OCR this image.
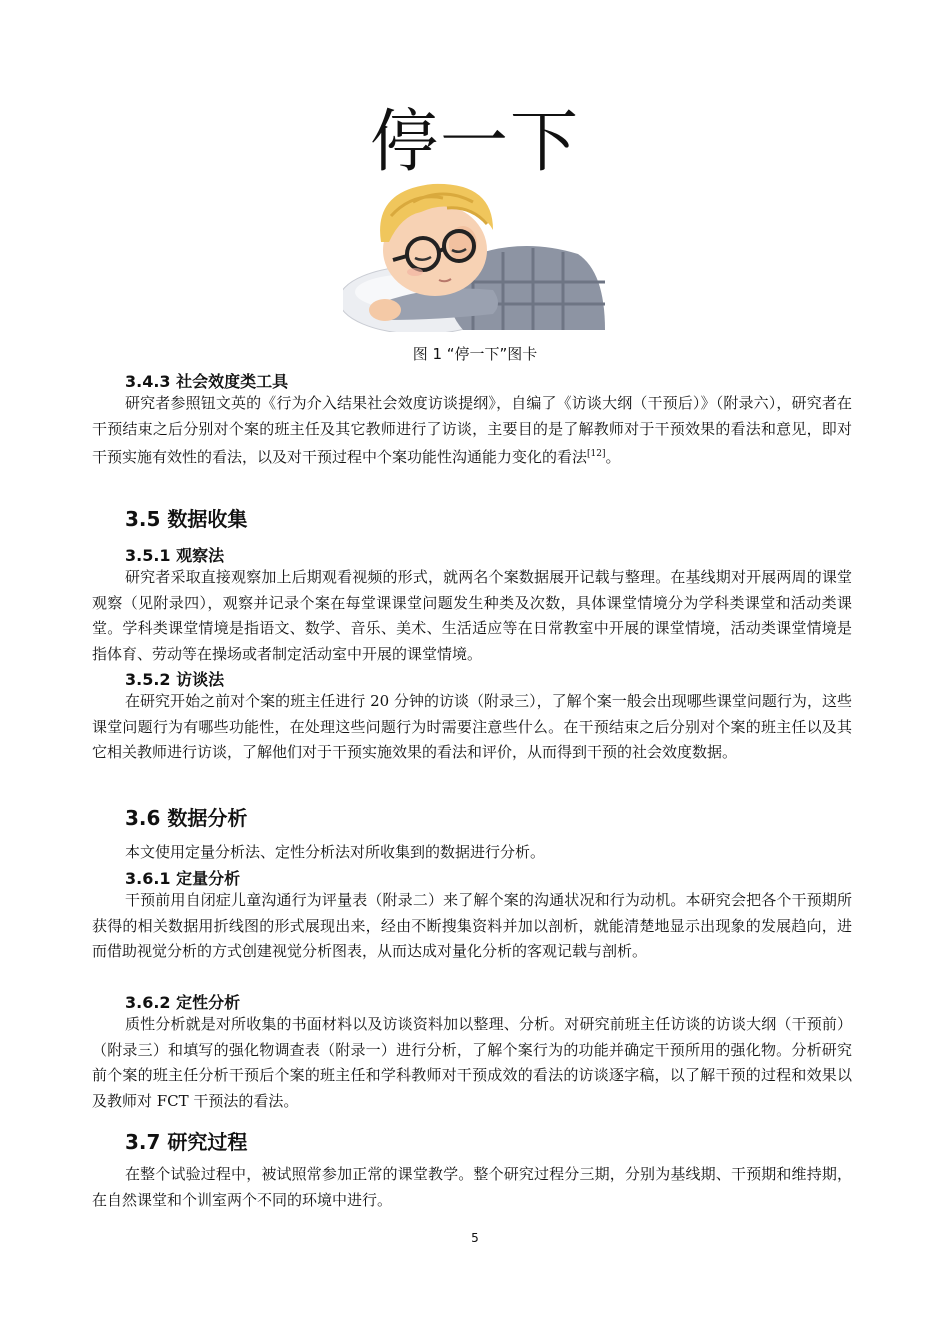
停一下
图 1 “停一下”图卡
3.4.3 社会效度类工具

研究者参照钮文英的《行为介入结果社会效度访谈提纲》，自编了《访谈大纲（干预后）》（附录六），研究者在干预结束之后分别对个案的班主任及其它教师进行了访谈，主要目的是了解教师对于干预效果的看法和意见，即对干预实施有效性的看法，以及对干预过程中个案功能性沟通能力变化的看法[12]。

3.5 数据收集
3.5.1 观察法

研究者采取直接观察加上后期观看视频的形式，就两名个案数据展开记载与整理。在基线期对开展两周的课堂观察（见附录四），观察并记录个案在每堂课课堂问题发生种类及次数，具体课堂情境分为学科类课堂和活动类课堂。学科类课堂情境是指语文、数学、音乐、美术、生活适应等在日常教室中开展的课堂情境，活动类课堂情境是指体育、劳动等在操场或者制定活动室中开展的课堂情境。

3.5.2 访谈法

在研究开始之前对个案的班主任进行 20 分钟的访谈（附录三），了解个案一般会出现哪些课堂问题行为，这些课堂问题行为有哪些功能性，在处理这些问题行为时需要注意些什么。在干预结束之后分别对个案的班主任以及其它相关教师进行访谈，了解他们对于干预实施效果的看法和评价，从而得到干预的社会效度数据。

3.6 数据分析

本文使用定量分析法、定性分析法对所收集到的数据进行分析。

3.6.1 定量分析

干预前用自闭症儿童沟通行为评量表（附录二）来了解个案的沟通状况和行为动机。本研究会把各个干预期所获得的相关数据用折线图的形式展现出来，经由不断搜集资料并加以剖析，就能清楚地显示出现象的发展趋向，进而借助视觉分析的方式创建视觉分析图表，从而达成对量化分析的客观记载与剖析。

3.6.2 定性分析

质性分析就是对所收集的书面材料以及访谈资料加以整理、分析。对研究前班主任访谈的访谈大纲（干预前）（附录三）和填写的强化物调查表（附录一）进行分析，了解个案行为的功能并确定干预所用的强化物。分析研究前个案的班主任分析干预后个案的班主任和学科教师对干预成效的看法的访谈逐字稿，以了解干预的过程和效果以及教师对 FCT 干预法的看法。

3.7 研究过程

在整个试验过程中，被试照常参加正常的课堂教学。整个研究过程分三期，分别为基线期、干预期和维持期，在自然课堂和个训室两个不同的环境中进行。

5
